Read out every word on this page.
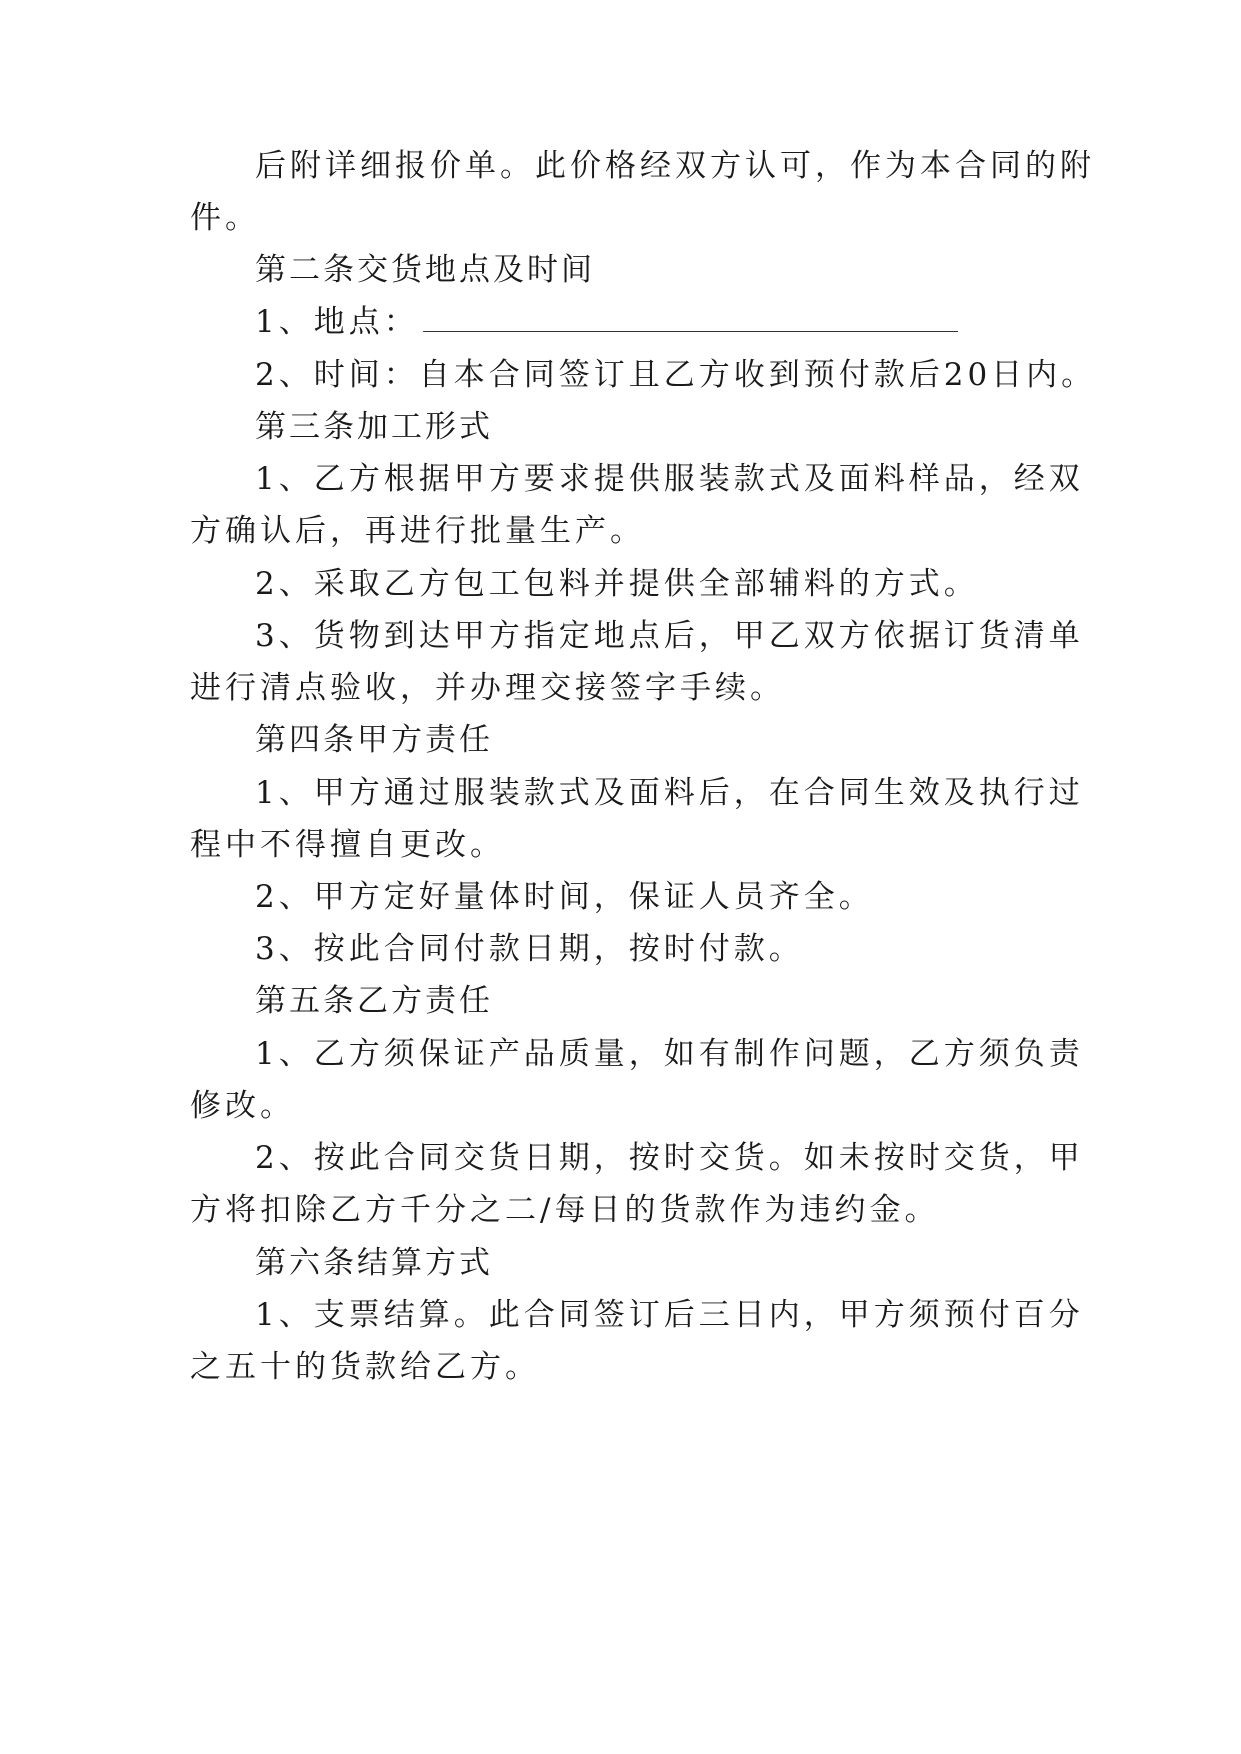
后附详细报价单。此价格经双方认可，作为本合同的附
件。
第二条交货地点及时间
1、地点：
2、时间：自本合同签订且乙方收到预付款后20日内。
第三条加工形式
1、乙方根据甲方要求提供服装款式及面料样品，经双
方确认后，再进行批量生产。
2、采取乙方包工包料并提供全部辅料的方式。
3、货物到达甲方指定地点后，甲乙双方依据订货清单
进行清点验收，并办理交接签字手续。
第四条甲方责任
1、甲方通过服装款式及面料后，在合同生效及执行过
程中不得擅自更改。
2、甲方定好量体时间，保证人员齐全。
3、按此合同付款日期，按时付款。
第五条乙方责任
1、乙方须保证产品质量，如有制作问题，乙方须负责
修改。
2、按此合同交货日期，按时交货。如未按时交货，甲
方将扣除乙方千分之二/每日的货款作为违约金。
第六条结算方式
1、支票结算。此合同签订后三日内，甲方须预付百分
之五十的货款给乙方。
